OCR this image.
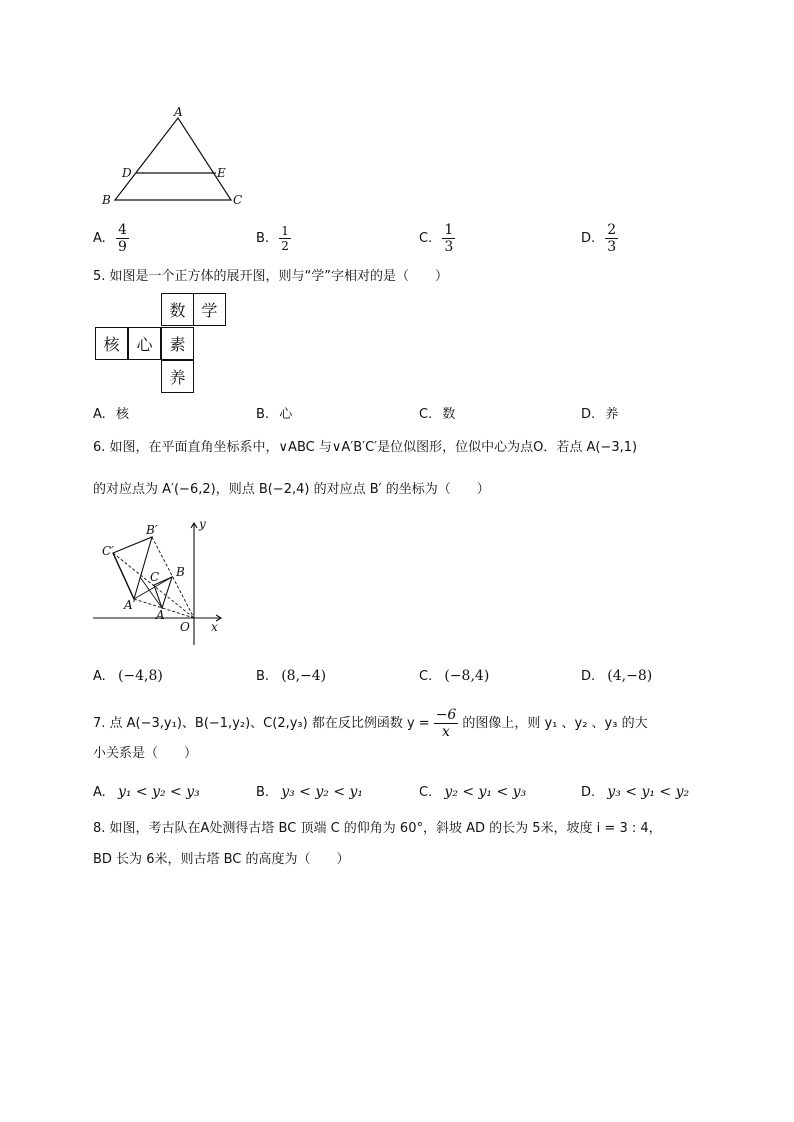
A
D	E
B	C
A. $\frac{4}{9}$	B. $\frac{1}{2}$	C. $\frac{1}{3}$	D. $\frac{2}{3}$
5. 如图是一个正方体的展开图，则与“学”字相对的是（　　）
数 学
核	心	素
养
A. 核	B. 心	C. 数	D. 养
6. 如图，在平面直角坐标系中，∨ABC 与∨A′B′C′是位似图形，位似中心为点O．若点 A(−3,1)
的对应点为 A′(−6,2)，则点 B(−2,4) 的对应点 B′ 的坐标为（　　）
B′
C′
y
C B
A′
A
O x
A. (−4,8)	B. (8,−4)	C. (−8,4)	D. (4,−8)
7. 点 A(−3,y₁)、B(−1,y₂)、C(2,y₃) 都在反比例函数 $y = \frac{-6}{x}$ 的图像上，则 y₁ 、y₂ 、y₃ 的大
小关系是（　　）
A. y₁ < y₂ < y₃	B. y₃ < y₂ < y₁	C. y₂ < y₁ < y₃	D. y₃ < y₁ < y₂
8. 如图，考古队在A处测得古塔 BC 顶端 C 的仰角为 60°，斜坡 AD 的长为 5米，坡度 i = 3 : 4，
BD 长为 6米，则古塔 BC 的高度为（　　）
